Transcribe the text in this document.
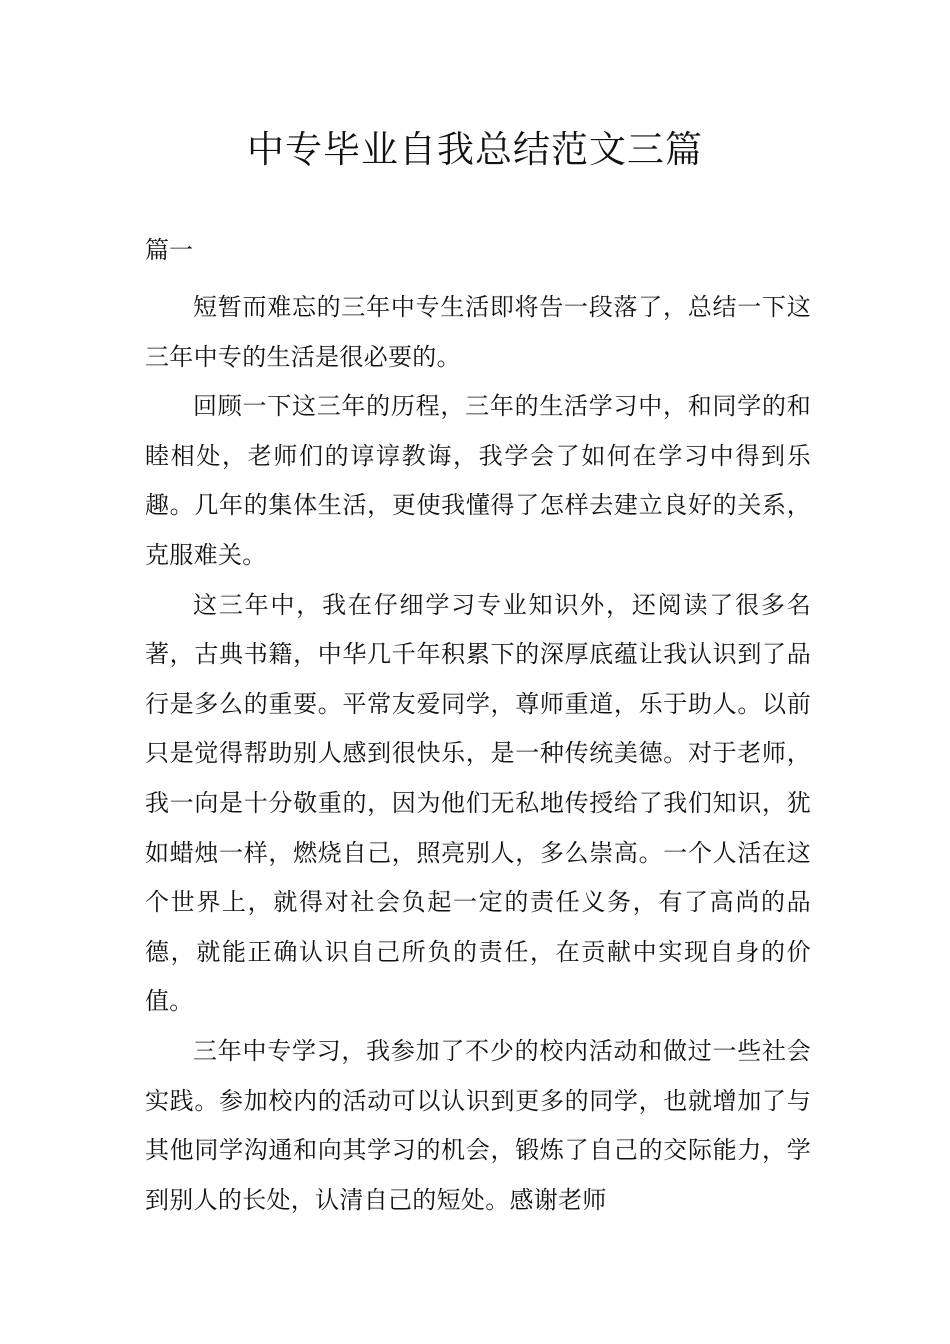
中专毕业自我总结范文三篇
篇一

短暂而难忘的三年中专生活即将告一段落了，总结一下这三年中专的生活是很必要的。

回顾一下这三年的历程，三年的生活学习中，和同学的和睦相处，老师们的谆谆教诲，我学会了如何在学习中得到乐趣。几年的集体生活，更使我懂得了怎样去建立良好的关系，克服难关。

这三年中，我在仔细学习专业知识外，还阅读了很多名著，古典书籍，中华几千年积累下的深厚底蕴让我认识到了品行是多么的重要。平常友爱同学，尊师重道，乐于助人。以前只是觉得帮助别人感到很快乐，是一种传统美德。对于老师，我一向是十分敬重的，因为他们无私地传授给了我们知识，犹如蜡烛一样，燃烧自己，照亮别人，多么崇高。一个人活在这个世界上，就得对社会负起一定的责任义务，有了高尚的品德，就能正确认识自己所负的责任，在贡献中实现自身的价值。

三年中专学习，我参加了不少的校内活动和做过一些社会实践。参加校内的活动可以认识到更多的同学，也就增加了与其他同学沟通和向其学习的机会，锻炼了自己的交际能力，学到别人的长处，认清自己的短处。感谢老师
